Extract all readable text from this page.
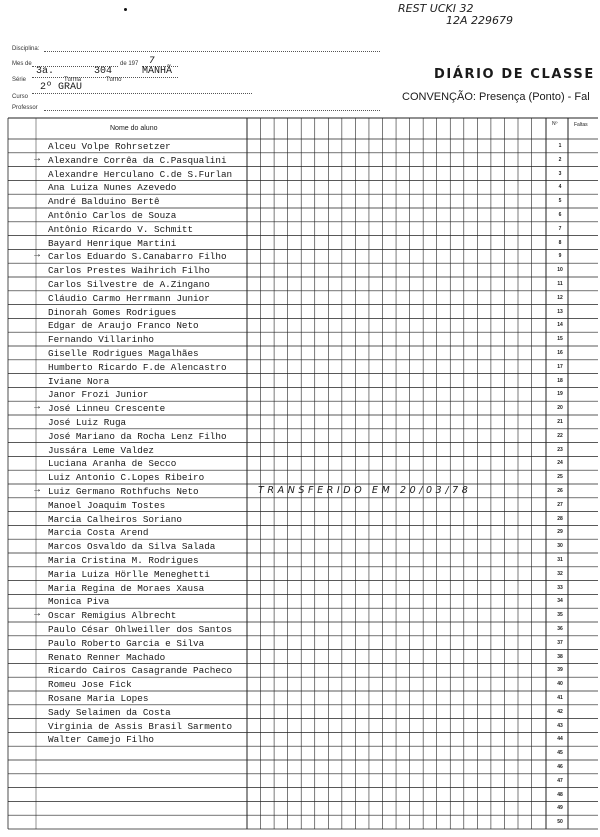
REST UCKI 32
12A 229679
Disciplina:
Mes de	de 197 7
3a.	304	MANHÃ
Série	Turma	Turno
2º GRAU
Curso
Professor
DIÁRIO DE CLASSE
CONVENÇÃO: Presença (Ponto) - Fal
Nome do aluno
Nº	Faltas
Alceu Volpe Rohrsetzer	1
Alexandre Corrêa da C.Pasqualini	2
Alexandre Herculano C.de S.Furlan	3
Ana Luiza Nunes Azevedo	4
André Balduino Bertê	5
Antônio Carlos de Souza	6
Antônio Ricardo V. Schmitt	7
Bayard Henrique Martini	8
Carlos Eduardo S.Canabarro Filho	9
Carlos Prestes Waihrich Filho	10
Carlos Silvestre de A.Zingano	11
Cláudio Carmo Herrmann Junior	12
Dinorah Gomes Rodrigues	13
Edgar de Araujo Franco Neto	14
Fernando Villarinho	15
Giselle Rodrigues Magalhães	16
Humberto Ricardo F.de Alencastro	17
Iviane Nora	18
Janor Frozi Junior	19
José Linneu Crescente	20
José Luiz Ruga	21
José Mariano da Rocha Lenz Filho	22
Jussára Leme Valdez	23
Luciana Aranha de Secco	24
Luiz Antonio C.Lopes Ribeiro	25
Luiz Germano Rothfuchs Neto	26
Manoel Joaquim Tostes	27
Marcia Calheiros Soriano	28
Marcia Costa Arend	29
Marcos Osvaldo da Silva Salada	30
Maria Cristina M. Rodrigues	31
Maria Luiza Hörlle Meneghetti	32
Maria Regina de Moraes Xausa	33
Monica Piva	34
Oscar Remigius Albrecht	35
Paulo César Ohlweiller dos Santos	36
Paulo Roberto Garcia e Silva	37
Renato Renner Machado	38
Ricardo Cairos Casagrande Pacheco	39
Romeu Jose Fick	40
Rosane Maria Lopes	41
Sady Selaimen da Costa	42
Virginia de Assis Brasil Sarmento	43
Walter Camejo Filho	44
45
46
47
48
49
50
→
→
→
→
→
TRANSFERIDO EM 20/03/78
